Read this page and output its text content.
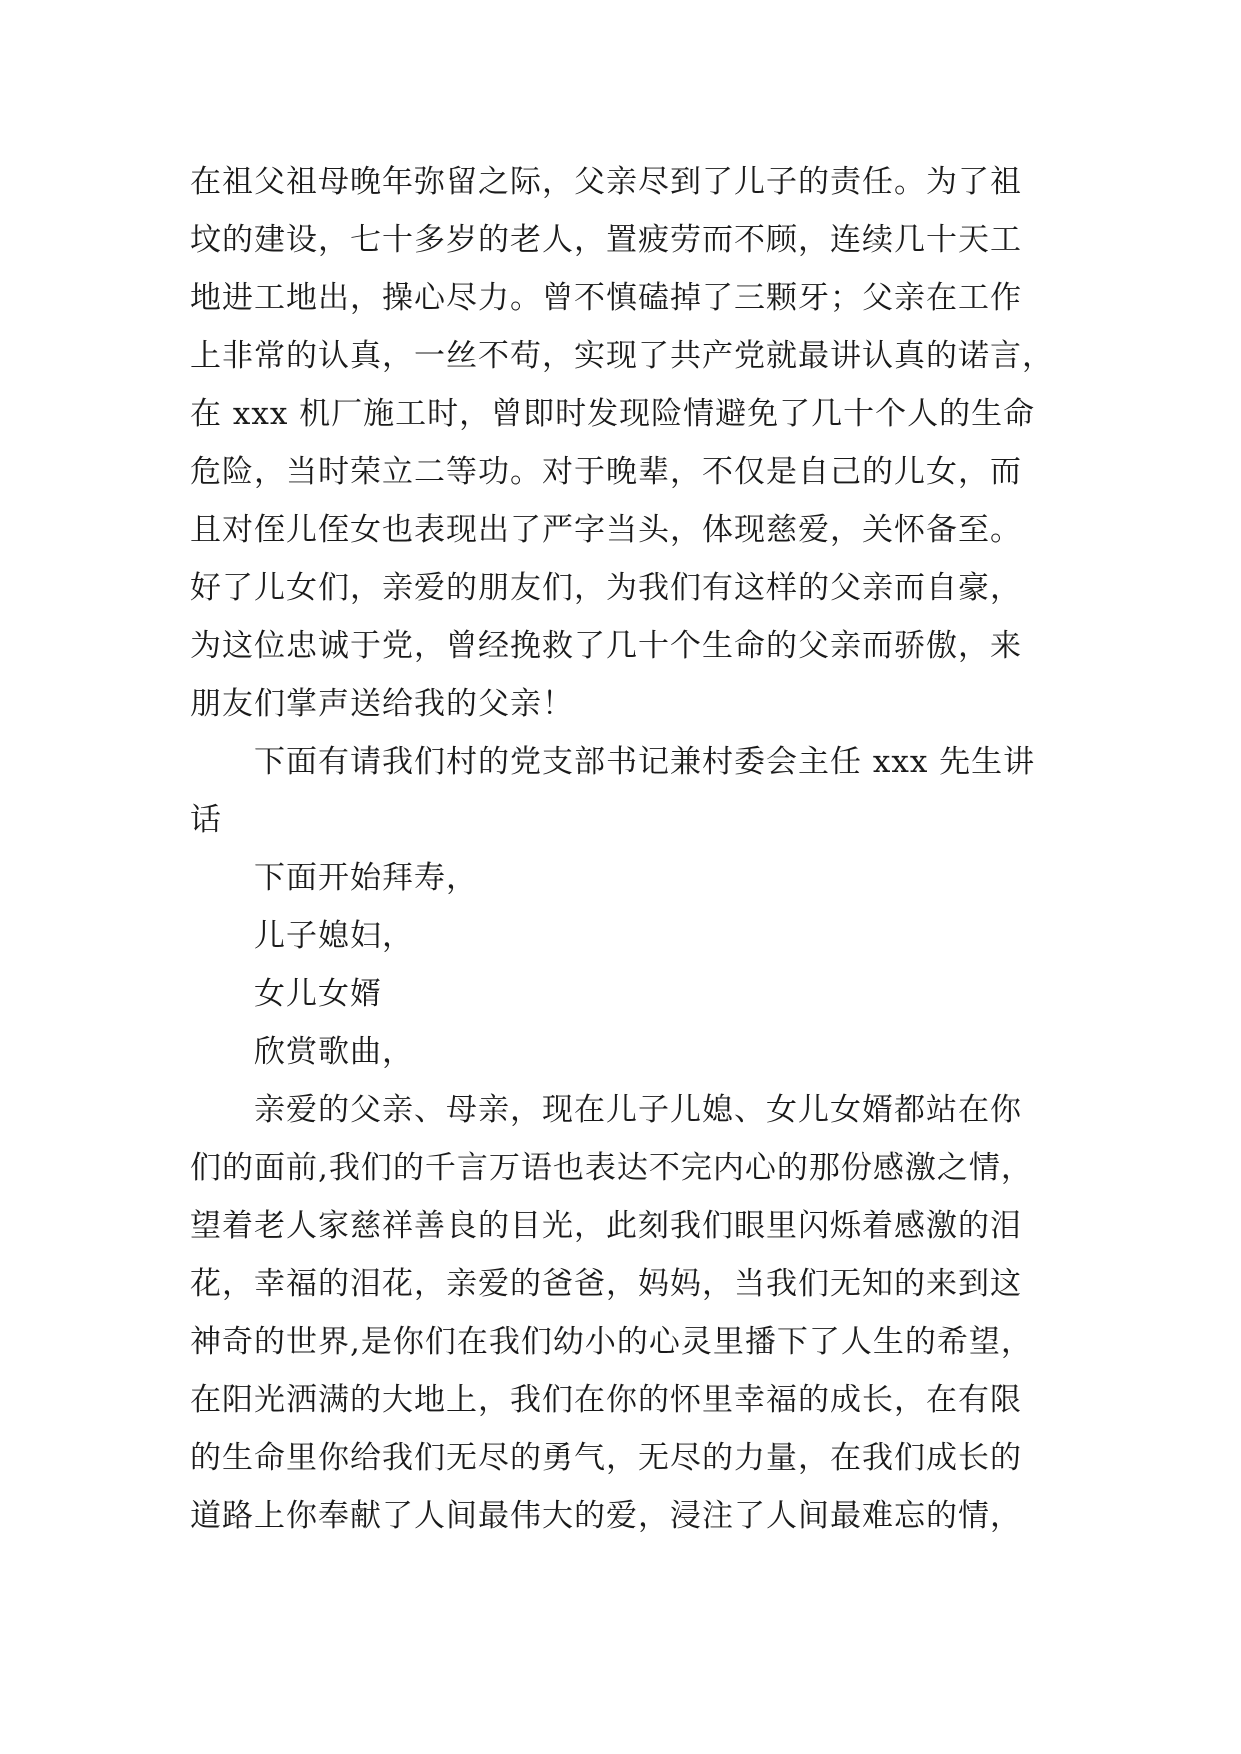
在祖父祖母晚年弥留之际，父亲尽到了儿子的责任。为了祖
坟的建设，七十多岁的老人，置疲劳而不顾，连续几十天工
地进工地出，操心尽力。曾不慎磕掉了三颗牙；父亲在工作
上非常的认真，一丝不苟，实现了共产党就最讲认真的诺言，
在 xxx 机厂施工时，曾即时发现险情避免了几十个人的生命
危险，当时荣立二等功。对于晚辈，不仅是自己的儿女，而
且对侄儿侄女也表现出了严字当头，体现慈爱，关怀备至。
好了儿女们，亲爱的朋友们，为我们有这样的父亲而自豪，
为这位忠诚于党，曾经挽救了几十个生命的父亲而骄傲，来
朋友们掌声送给我的父亲！
下面有请我们村的党支部书记兼村委会主任 xxx 先生讲
话
下面开始拜寿，
儿子媳妇，
女儿女婿
欣赏歌曲，
亲爱的父亲、母亲，现在儿子儿媳、女儿女婿都站在你
们的面前,我们的千言万语也表达不完内心的那份感激之情，
望着老人家慈祥善良的目光，此刻我们眼里闪烁着感激的泪
花，幸福的泪花，亲爱的爸爸，妈妈，当我们无知的来到这
神奇的世界,是你们在我们幼小的心灵里播下了人生的希望，
在阳光洒满的大地上，我们在你的怀里幸福的成长，在有限
的生命里你给我们无尽的勇气，无尽的力量，在我们成长的
道路上你奉献了人间最伟大的爱，浸注了人间最难忘的情，
